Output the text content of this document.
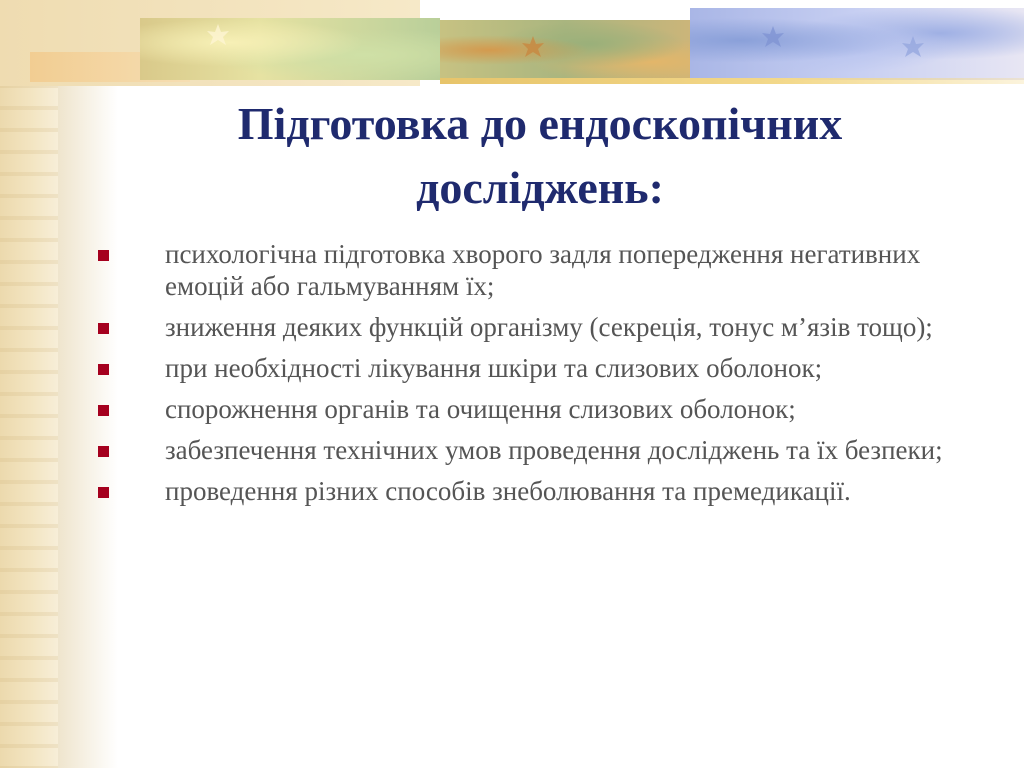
Підготовка до ендоскопічних
досліджень:
психологічна підготовка хворого задля попередження негативних емоцій або гальмуванням їх;
зниження деяких функцій організму (секреція, тонус м’язів тощо);
при необхідності лікування шкіри та слизових оболонок;
спорожнення органів та очищення слизових оболонок;
забезпечення технічних умов проведення досліджень та їх безпеки;
проведення різних способів знеболювання та премедикації.
